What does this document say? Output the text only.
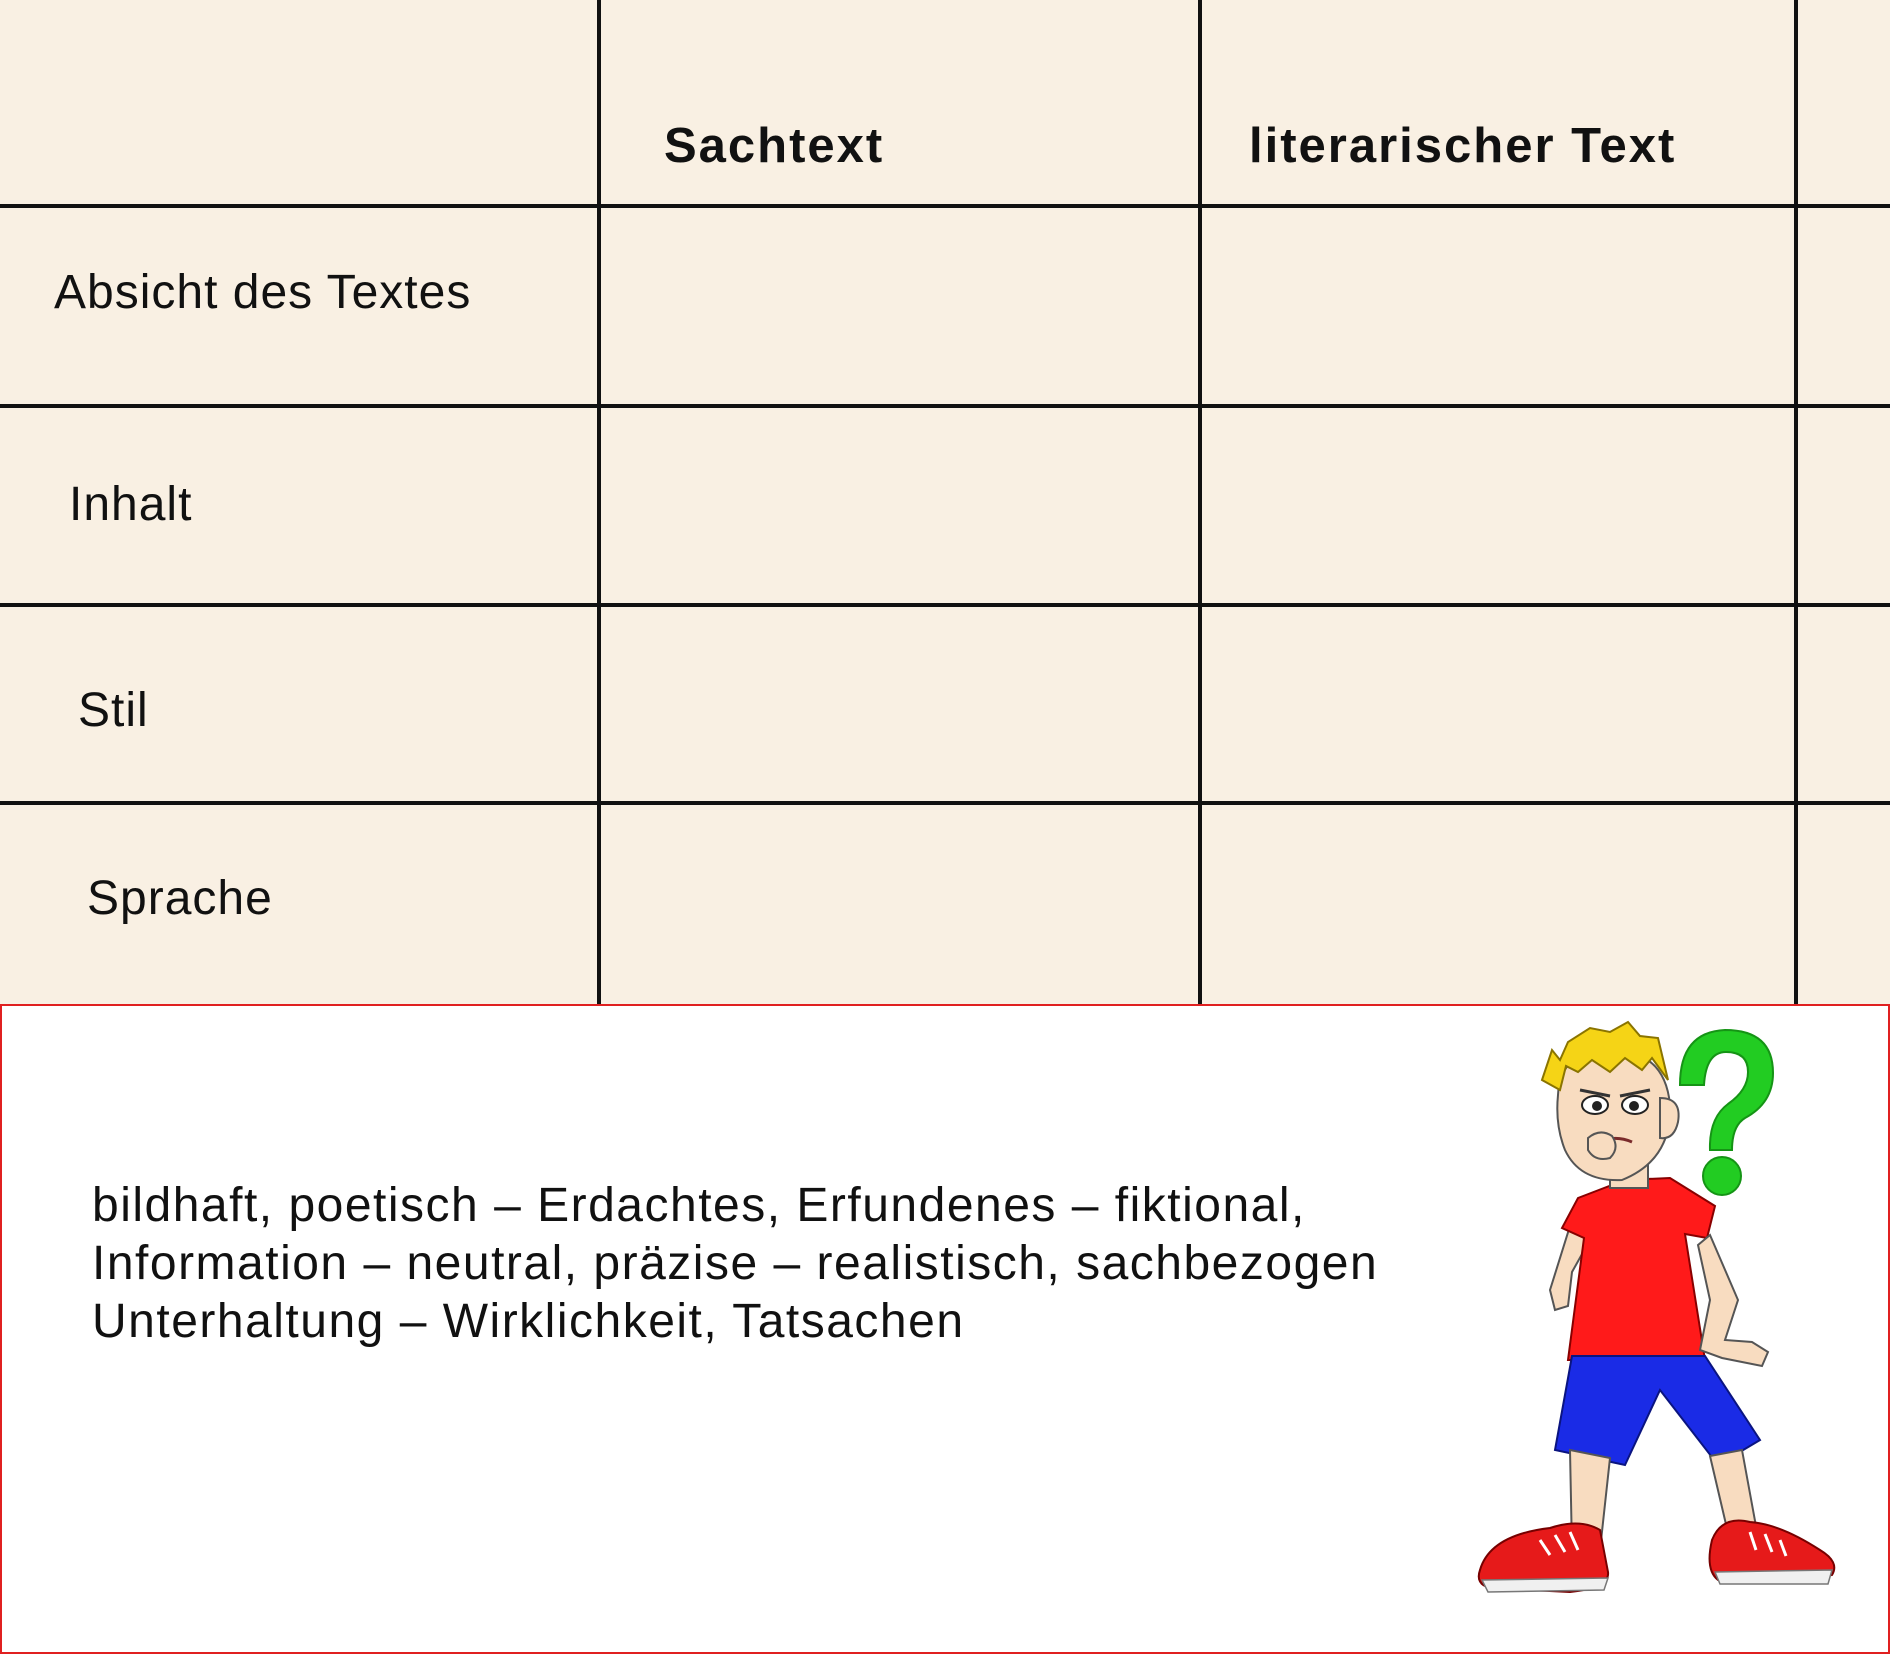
Sachtext	literarischer Text
Absicht des Textes
Inhalt
Stil
Sprache
bildhaft, poetisch – Erdachtes, Erfundenes – fiktional,
Information – neutral, präzise – realistisch, sachbezogen
Unterhaltung – Wirklichkeit, Tatsachen
